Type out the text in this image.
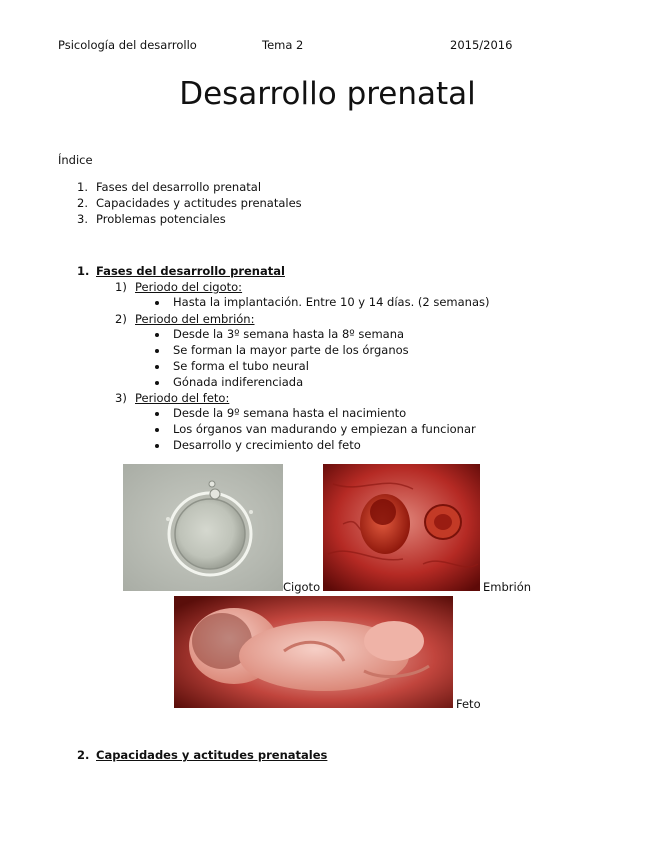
Psicología del desarrollo	Tema 2	2015/2016
Desarrollo prenatal
Índice
1. Fases del desarrollo prenatal
2. Capacidades y actitudes prenatales
3. Problemas potenciales
1. Fases del desarrollo prenatal
1) Periodo del cigoto:
Hasta la implantación. Entre 10 y 14 días. (2 semanas)
2) Periodo del embrión:
Desde la 3º semana hasta la 8º semana
Se forman la mayor parte de los órganos
Se forma el tubo neural
Gónada indiferenciada
3) Periodo del feto:
Desde la 9º semana hasta el nacimiento
Los órganos van madurando y empiezan a funcionar
Desarrollo y crecimiento del feto
Cigoto	Embrión
Feto
2. Capacidades y actitudes prenatales
